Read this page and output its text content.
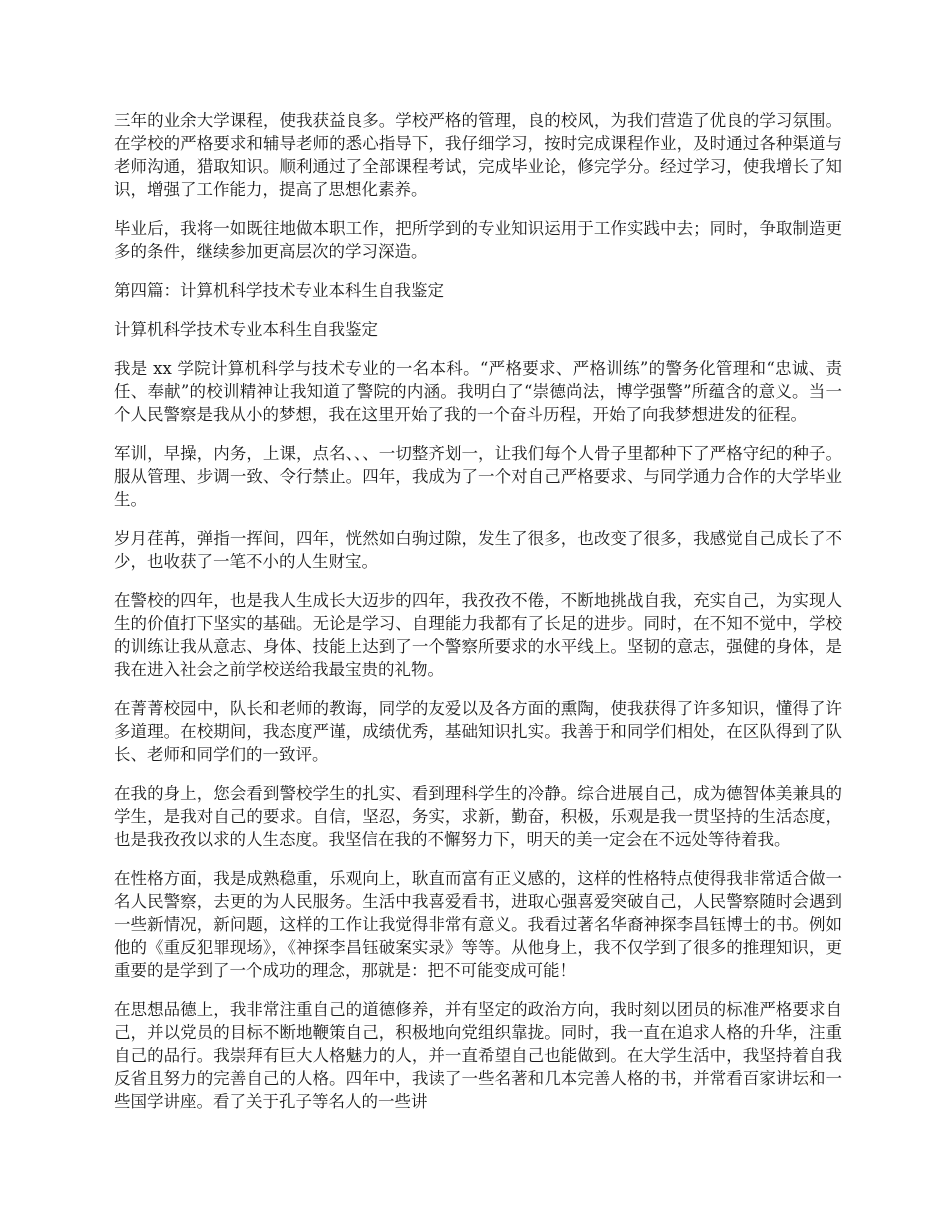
三年的业余大学课程，使我获益良多。学校严格的管理，良的校风，为我们营造了优良的学习氛围。在学校的严格要求和辅导老师的悉心指导下，我仔细学习，按时完成课程作业，及时通过各种渠道与老师沟通，猎取知识。顺利通过了全部课程考试，完成毕业论，修完学分。经过学习，使我增长了知识，增强了工作能力，提高了思想化素养。

毕业后，我将一如既往地做本职工作，把所学到的专业知识运用于工作实践中去；同时，争取制造更多的条件，继续参加更高层次的学习深造。

第四篇：计算机科学技术专业本科生自我鉴定

计算机科学技术专业本科生自我鉴定

我是 xx 学院计算机科学与技术专业的一名本科。“严格要求、严格训练”的警务化管理和“忠诚、责任、奉献”的校训精神让我知道了警院的内涵。我明白了“崇德尚法，博学强警”所蕴含的意义。当一个人民警察是我从小的梦想，我在这里开始了我的一个奋斗历程，开始了向我梦想进发的征程。

军训，早操，内务，上课，点名、、、一切整齐划一，让我们每个人骨子里都种下了严格守纪的种子。服从管理、步调一致、令行禁止。四年，我成为了一个对自己严格要求、与同学通力合作的大学毕业生。

岁月荏苒，弹指一挥间，四年，恍然如白驹过隙，发生了很多，也改变了很多，我感觉自己成长了不少，也收获了一笔不小的人生财宝。

在警校的四年，也是我人生成长大迈步的四年，我孜孜不倦，不断地挑战自我，充实自己，为实现人生的价值打下坚实的基础。无论是学习、自理能力我都有了长足的进步。同时，在不知不觉中，学校的训练让我从意志、身体、技能上达到了一个警察所要求的水平线上。坚韧的意志，强健的身体，是我在进入社会之前学校送给我最宝贵的礼物。

在菁菁校园中，队长和老师的教诲，同学的友爱以及各方面的熏陶，使我获得了许多知识，懂得了许多道理。在校期间，我态度严谨，成绩优秀，基础知识扎实。我善于和同学们相处，在区队得到了队长、老师和同学们的一致评。

在我的身上，您会看到警校学生的扎实、看到理科学生的冷静。综合进展自己，成为德智体美兼具的学生，是我对自己的要求。自信，坚忍，务实，求新，勤奋，积极，乐观是我一贯坚持的生活态度，也是我孜孜以求的人生态度。我坚信在我的不懈努力下，明天的美一定会在不远处等待着我。

在性格方面，我是成熟稳重，乐观向上，耿直而富有正义感的，这样的性格特点使得我非常适合做一名人民警察，去更的为人民服务。生活中我喜爱看书，进取心强喜爱突破自己，人民警察随时会遇到一些新情况，新问题，这样的工作让我觉得非常有意义。我看过著名华裔神探李昌钰博士的书。例如他的《重反犯罪现场》，《神探李昌钰破案实录》等等。从他身上，我不仅学到了很多的推理知识，更重要的是学到了一个成功的理念，那就是：把不可能变成可能！

在思想品德上，我非常注重自己的道德修养，并有坚定的政治方向，我时刻以团员的标准严格要求自己，并以党员的目标不断地鞭策自己，积极地向党组织靠拢。同时，我一直在追求人格的升华，注重自己的品行。我崇拜有巨大人格魅力的人，并一直希望自己也能做到。在大学生活中，我坚持着自我反省且努力的完善自己的人格。四年中，我读了一些名著和几本完善人格的书，并常看百家讲坛和一些国学讲座。看了关于孔子等名人的一些讲
